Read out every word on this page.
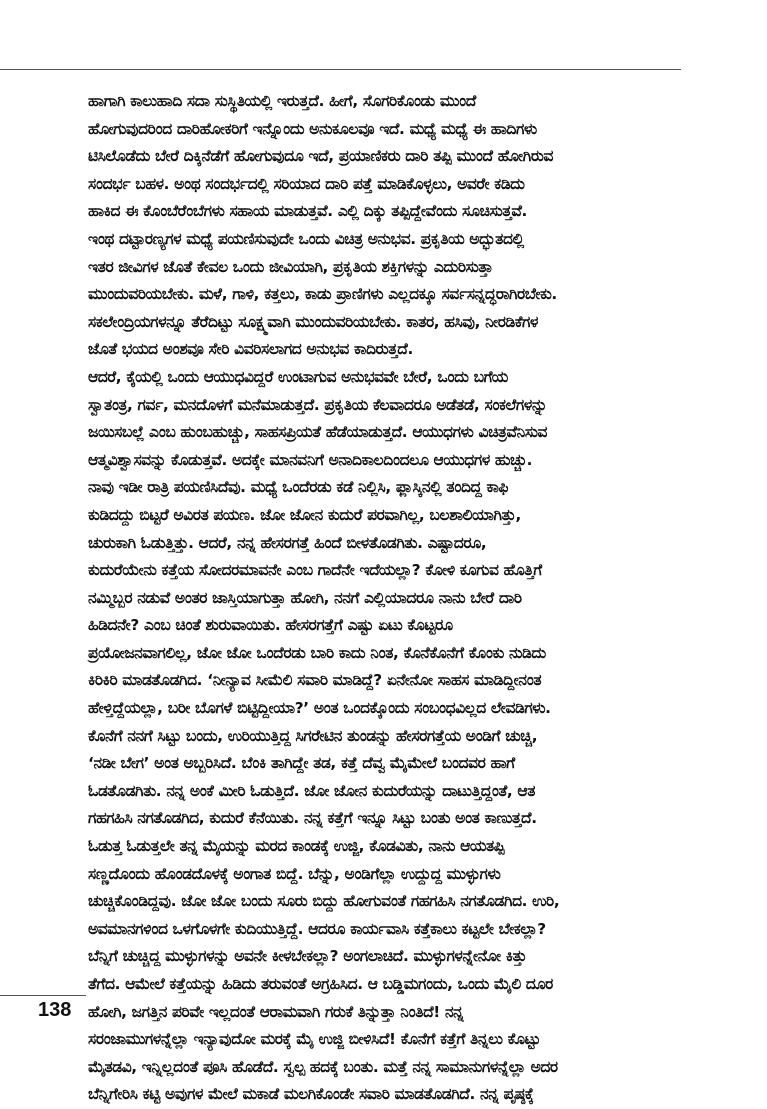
ಹಾಗಾಗಿ ಕಾಲುಹಾದಿ ಸದಾ ಸುಸ್ಥಿತಿಯಲ್ಲಿ ಇರುತ್ತದೆ. ಹೀಗೆ, ಸೊಗರಿಕೊಂಡು ಮುಂದೆ
ಹೋಗುವುದರಿಂದ ದಾರಿಹೋಕರಿಗೆ ಇನ್ನೊಂದು ಅನುಕೂಲವೂ ಇದೆ. ಮಧ್ಯೆ ಮಧ್ಯೆ ಈ ಹಾದಿಗಳು
ಟಿಸಿಲೊಡೆದು ಬೇರೆ ದಿಕ್ಕಿನೆಡೆಗೆ ಹೋಗುವುದೂ ಇದೆ, ಪ್ರಯಾಣಿಕರು ದಾರಿ ತಪ್ಪಿ ಮುಂದೆ ಹೋಗಿರುವ
ಸಂದರ್ಭ ಬಹಳ. ಅಂಥ ಸಂದರ್ಭದಲ್ಲಿ ಸರಿಯಾದ ದಾರಿ ಪತ್ತೆ ಮಾಡಿಕೊಳ್ಳಲು, ಅವರೇ ಕಡಿದು
ಹಾಕಿದ ಈ ಕೊಂಬೆರೆಂಬೆಗಳು ಸಹಾಯ ಮಾಡುತ್ತವೆ. ಎಲ್ಲಿ ದಿಕ್ಕು ತಪ್ಪಿದ್ದೇವೆಂದು ಸೂಚಿಸುತ್ತವೆ.
ಇಂಥ ದಟ್ಟಾರಣ್ಯಗಳ ಮಧ್ಯೆ ಪಯಣಿಸುವುದೇ ಒಂದು ವಿಚಿತ್ರ ಅನುಭವ. ಪ್ರಕೃತಿಯ ಅದ್ಭುತದಲ್ಲಿ
ಇತರ ಜೀವಿಗಳ ಜೊತೆ ಕೇವಲ ಒಂದು ಜೀವಿಯಾಗಿ, ಪ್ರಕೃತಿಯ ಶಕ್ತಿಗಳನ್ನು ಎದುರಿಸುತ್ತಾ
ಮುಂದುವರಿಯಬೇಕು. ಮಳೆ, ಗಾಳಿ, ಕತ್ತಲು, ಕಾಡು ಪ್ರಾಣಿಗಳು ಎಲ್ಲದಕ್ಕೂ ಸರ್ವಸನ್ನದ್ಧರಾಗಿರಬೇಕು.
ಸಕಲೇಂದ್ರಿಯಗಳನ್ನೂ ತೆರೆದಿಟ್ಟು ಸೂಕ್ಷ್ಮವಾಗಿ ಮುಂದುವರಿಯಬೇಕು. ಕಾತರ, ಹಸಿವು, ನೀರಡಿಕೆಗಳ
ಜೊತೆ ಭಯದ ಅಂಶವೂ ಸೇರಿ ವಿವರಿಸಲಾಗದ ಅನುಭವ ಕಾದಿರುತ್ತದೆ.
ಆದರೆ, ಕೈಯಲ್ಲಿ ಒಂದು ಆಯುಧವಿದ್ದರೆ ಉಂಟಾಗುವ ಅನುಭವವೇ ಬೇರೆ, ಒಂದು ಬಗೆಯ
ಸ್ವಾತಂತ್ರ, ಗರ್ವ, ಮನದೊಳಗೆ ಮನೆಮಾಡುತ್ತದೆ. ಪ್ರಕೃತಿಯ ಕೆಲವಾದರೂ ಅಡೆತಡೆ, ಸಂಕಲೆಗಳನ್ನು
ಜಯಿಸಬಲ್ಲೆ ಎಂಬ ಹುಂಬಹುಚ್ಚು, ಸಾಹಸಪ್ರಿಯತೆ ಹೆಡೆಯಾಡುತ್ತದೆ. ಆಯುಧಗಳು ವಿಚಿತ್ರವೆನಿಸುವ
ಆತ್ಮವಿಶ್ವಾಸವನ್ನು ಕೊಡುತ್ತವೆ. ಅದಕ್ಕೇ ಮಾನವನಿಗೆ ಅನಾದಿಕಾಲದಿಂದಲೂ ಆಯುಧಗಳ ಹುಚ್ಚು.
ನಾವು ಇಡೀ ರಾತ್ರಿ ಪಯಣಿಸಿದೆವು. ಮಧ್ಯೆ ಒಂದೆರಡು ಕಡೆ ನಿಲ್ಲಿಸಿ, ಫ್ಲಾಸ್ಕಿನಲ್ಲಿ ತಂದಿದ್ದ ಕಾಫಿ
ಕುಡಿದದ್ದು ಬಿಟ್ಟರೆ ಅವಿರತ ಪಯಣ. ಜೋ ಜೋನ ಕುದುರೆ ಪರವಾಗಿಲ್ಲ, ಬಲಶಾಲಿಯಾಗಿತ್ತು,
ಚುರುಕಾಗಿ ಓಡುತ್ತಿತ್ತು. ಆದರೆ, ನನ್ನ ಹೇಸರಗತ್ತೆ ಹಿಂದೆ ಬೀಳತೊಡಗಿತು. ಎಷ್ಟಾದರೂ,
ಕುದುರೆಯೇನು ಕತ್ತೆಯ ಸೋದರಮಾವನೇ ಎಂಬ ಗಾದೆನೇ ಇದೆಯಲ್ಲಾ? ಕೋಳಿ ಕೂಗುವ ಹೊತ್ತಿಗೆ
ನಮ್ಮಿಬ್ಬರ ನಡುವೆ ಅಂತರ ಜಾಸ್ತಿಯಾಗುತ್ತಾ ಹೋಗಿ, ನನಗೆ ಎಲ್ಲಿಯಾದರೂ ನಾನು ಬೇರೆ ದಾರಿ
ಹಿಡಿದನೇ? ಎಂಬ ಚಿಂತೆ ಶುರುವಾಯಿತು. ಹೇಸರಗತ್ತೆಗೆ ಎಷ್ಟು ಏಟು ಕೊಟ್ಟರೂ
ಪ್ರಯೋಜನವಾಗಲಿಲ್ಲ, ಜೋ ಜೋ ಒಂದೆರಡು ಬಾರಿ ಕಾದು ನಿಂತ, ಕೊನೆಕೊನೆಗೆ ಕೊಂಕು ನುಡಿದು
ಕಿರಿಕಿರಿ ಮಾಡತೊಡಗಿದ. ‘ನೀನ್ಯಾವ ಸೀಮೆಲಿ ಸವಾರಿ ಮಾಡಿದ್ದೆ? ಏನೇನೋ ಸಾಹಸ ಮಾಡಿದ್ದೀನಂತ
ಹೇಳ್ತಿದ್ದೆಯಲ್ಲಾ, ಬರೀ ಬೊಗಳೆ ಬಿಟ್ಟಿದ್ದೀಯಾ?’ ಅಂತ ಒಂದಕ್ಕೊಂದು ಸಂಬಂಧವಿಲ್ಲದ ಲೇವಡಿಗಳು.
ಕೊನೆಗೆ ನನಗೆ ಸಿಟ್ಟು ಬಂದು, ಉರಿಯುತ್ತಿದ್ದ ಸಿಗರೇಟಿನ ತುಂಡನ್ನು ಹೇಸರಗತ್ತೆಯ ಅಂಡಿಗೆ ಚುಚ್ಚಿ,
‘ನಡೀ ಬೇಗ’ ಅಂತ ಅಬ್ಬರಿಸಿದೆ. ಬೆಂಕಿ ತಾಗಿದ್ದೇ ತಡ, ಕತ್ತೆ ದೆವ್ವ ಮೈಮೇಲೆ ಬಂದವರ ಹಾಗೆ
ಓಡತೊಡಗಿತು. ನನ್ನ ಅಂಕೆ ಮೀರಿ ಓಡುತ್ತಿದೆ. ಜೋ ಜೋನ ಕುದುರೆಯನ್ನು ದಾಟುತ್ತಿದ್ದಂತೆ, ಆತ
ಗಹಗಹಿಸಿ ನಗತೊಡಗಿದ, ಕುದುರೆ ಕೆನೆಯಿತು. ನನ್ನ ಕತ್ತೆಗೆ ಇನ್ನೂ ಸಿಟ್ಟು ಬಂತು ಅಂತ ಕಾಣುತ್ತದೆ.
ಓಡುತ್ತ ಓಡುತ್ತಲೇ ತನ್ನ ಮೈಯನ್ನು ಮರದ ಕಾಂಡಕ್ಕೆ ಉಜ್ಜಿ, ಕೊಡವಿತು, ನಾನು ಆಯತಪ್ಪಿ
ಸಣ್ಣದೊಂದು ಹೊಂಡದೊಳಕ್ಕೆ ಅಂಗಾತ ಬಿದ್ದೆ. ಬೆನ್ನು, ಅಂಡಿಗೆಲ್ಲಾ ಉದ್ದುದ್ದ ಮುಳ್ಳುಗಳು
ಚುಚ್ಚಿಕೊಂಡಿದ್ದವು. ಜೋ ಜೋ ಬಂದು ಸೂರು ಬಿದ್ದು ಹೋಗುವಂತೆ ಗಹಗಹಿಸಿ ನಗತೊಡಗಿದ. ಉರಿ,
ಅವಮಾನಗಳಿಂದ ಒಳಗೊಳಗೇ ಕುದಿಯುತ್ತಿದ್ದೆ. ಆದರೂ ಕಾರ್ಯವಾಸಿ ಕತ್ತೆಕಾಲು ಕಟ್ಟಲೇ ಬೇಕಲ್ಲಾ?
ಬೆನ್ನಿಗೆ ಚುಚ್ಚಿದ್ದ ಮುಳ್ಳುಗಳನ್ನು ಅವನೇ ಕೀಳಬೇಕಲ್ಲಾ? ಅಂಗಲಾಚಿದೆ. ಮುಳ್ಳುಗಳನ್ನೇನೋ ಕಿತ್ತು
ತೆಗೆದ. ಆಮೇಲೆ ಕತ್ತೆಯನ್ನು ಹಿಡಿದು ತರುವಂತೆ ಅಗ್ರಹಿಸಿದ. ಆ ಬಡ್ಡಿಮಗಂದು, ಒಂದು ಮೈಲಿ ದೂರ
ಹೋಗಿ, ಜಗತ್ತಿನ ಪರಿವೇ ಇಲ್ಲದಂತೆ ಆರಾಮವಾಗಿ ಗರುಕೆ ತಿನ್ನುತ್ತಾ ನಿಂತಿದೆ! ನನ್ನ
ಸರಂಜಾಮುಗಳನ್ನೆಲ್ಲಾ ಇನ್ಯಾವುದೋ ಮರಕ್ಕೆ ಮೈ ಉಜ್ಜಿ ಬೀಳಿಸಿದೆ! ಕೊನೆಗೆ ಕತ್ತೆಗೆ ತಿನ್ನಲು ಕೊಟ್ಟು
ಮೈತಡವಿ, ಇನ್ನಿಲ್ಲದಂತೆ ಪೂಸಿ ಹೊಡೆದೆ. ಸ್ವಲ್ಪ ಹದಕ್ಕೆ ಬಂತು. ಮತ್ತೆ ನನ್ನ ಸಾಮಾನುಗಳನ್ನೆಲ್ಲಾ ಅದರ
ಬೆನ್ನಿಗೇರಿಸಿ ಕಟ್ಟಿ ಅವುಗಳ ಮೇಲೆ ಮಕಾಡೆ ಮಲಗಿಕೊಂಡೇ ಸವಾರಿ ಮಾಡತೊಡಗಿದೆ. ನನ್ನ ಪೃಷ್ಠಕ್ಕೆ
138
